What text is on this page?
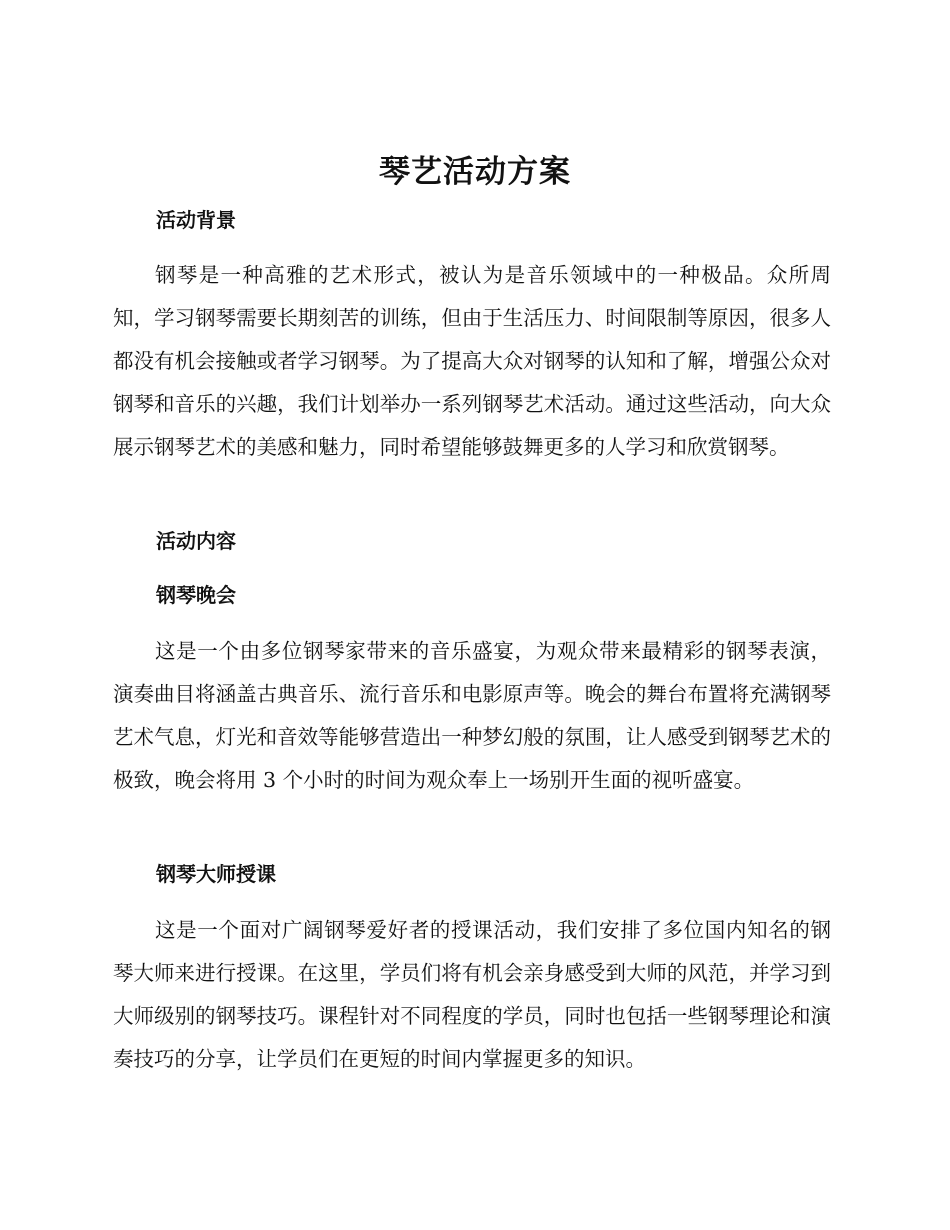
琴艺活动方案
活动背景

钢琴是一种高雅的艺术形式，被认为是音乐领域中的一种极品。众所周知，学习钢琴需要长期刻苦的训练，但由于生活压力、时间限制等原因，很多人都没有机会接触或者学习钢琴。为了提高大众对钢琴的认知和了解，增强公众对钢琴和音乐的兴趣，我们计划举办一系列钢琴艺术活动。通过这些活动，向大众展示钢琴艺术的美感和魅力，同时希望能够鼓舞更多的人学习和欣赏钢琴。

活动内容
钢琴晚会

这是一个由多位钢琴家带来的音乐盛宴，为观众带来最精彩的钢琴表演，演奏曲目将涵盖古典音乐、流行音乐和电影原声等。晚会的舞台布置将充满钢琴艺术气息，灯光和音效等能够营造出一种梦幻般的氛围，让人感受到钢琴艺术的极致，晚会将用 3 个小时的时间为观众奉上一场别开生面的视听盛宴。

钢琴大师授课

这是一个面对广阔钢琴爱好者的授课活动，我们安排了多位国内知名的钢琴大师来进行授课。在这里，学员们将有机会亲身感受到大师的风范，并学习到大师级别的钢琴技巧。课程针对不同程度的学员，同时也包括一些钢琴理论和演奏技巧的分享，让学员们在更短的时间内掌握更多的知识。
